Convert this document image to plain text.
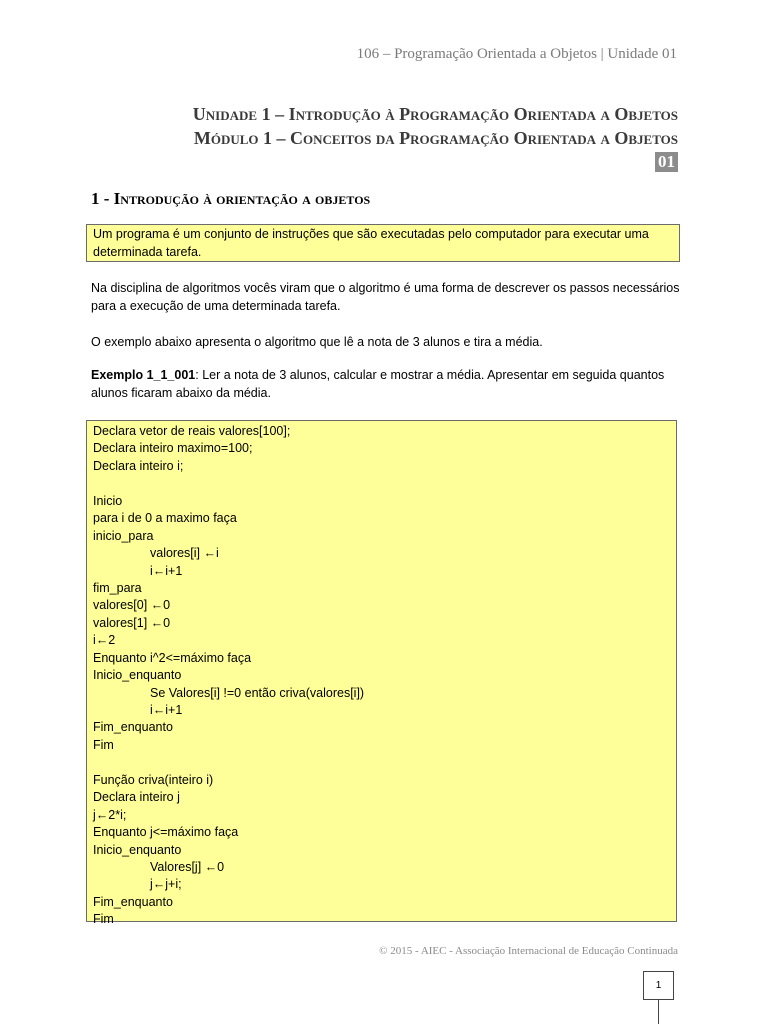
106 – Programação Orientada a Objetos | Unidade 01
Unidade 1 – Introdução à Programação Orientada a Objetos
Módulo 1 – Conceitos da Programação Orientada a Objetos
01
1 - Introdução à orientação a objetos
Um programa é um conjunto de instruções que são executadas pelo computador para executar uma determinada tarefa.
Na disciplina de algoritmos vocês viram que o algoritmo é uma forma de descrever os passos necessários para a execução de uma determinada tarefa.
O exemplo abaixo apresenta o algoritmo que lê a nota de 3 alunos e tira a média.
Exemplo 1_1_001: Ler a nota de 3 alunos, calcular e mostrar a média. Apresentar em seguida quantos alunos ficaram abaixo da média.
Declara vetor de reais valores[100];
Declara inteiro maximo=100;
Declara inteiro i;
Inicio
para i de 0 a maximo faça
inicio_para
valores[i] ←i
i←i+1
fim_para
valores[0] ←0
valores[1] ←0
i←2
Enquanto i^2<=máximo faça
Inicio_enquanto
Se Valores[i] !=0 então criva(valores[i])
i←i+1
Fim_enquanto
Fim
Função criva(inteiro i)
Declara inteiro j
j←2*i;
Enquanto j<=máximo faça
Inicio_enquanto
Valores[j] ←0
j←j+i;
Fim_enquanto
Fim
© 2015 - AIEC - Associação Internacional de Educação Continuada
1
